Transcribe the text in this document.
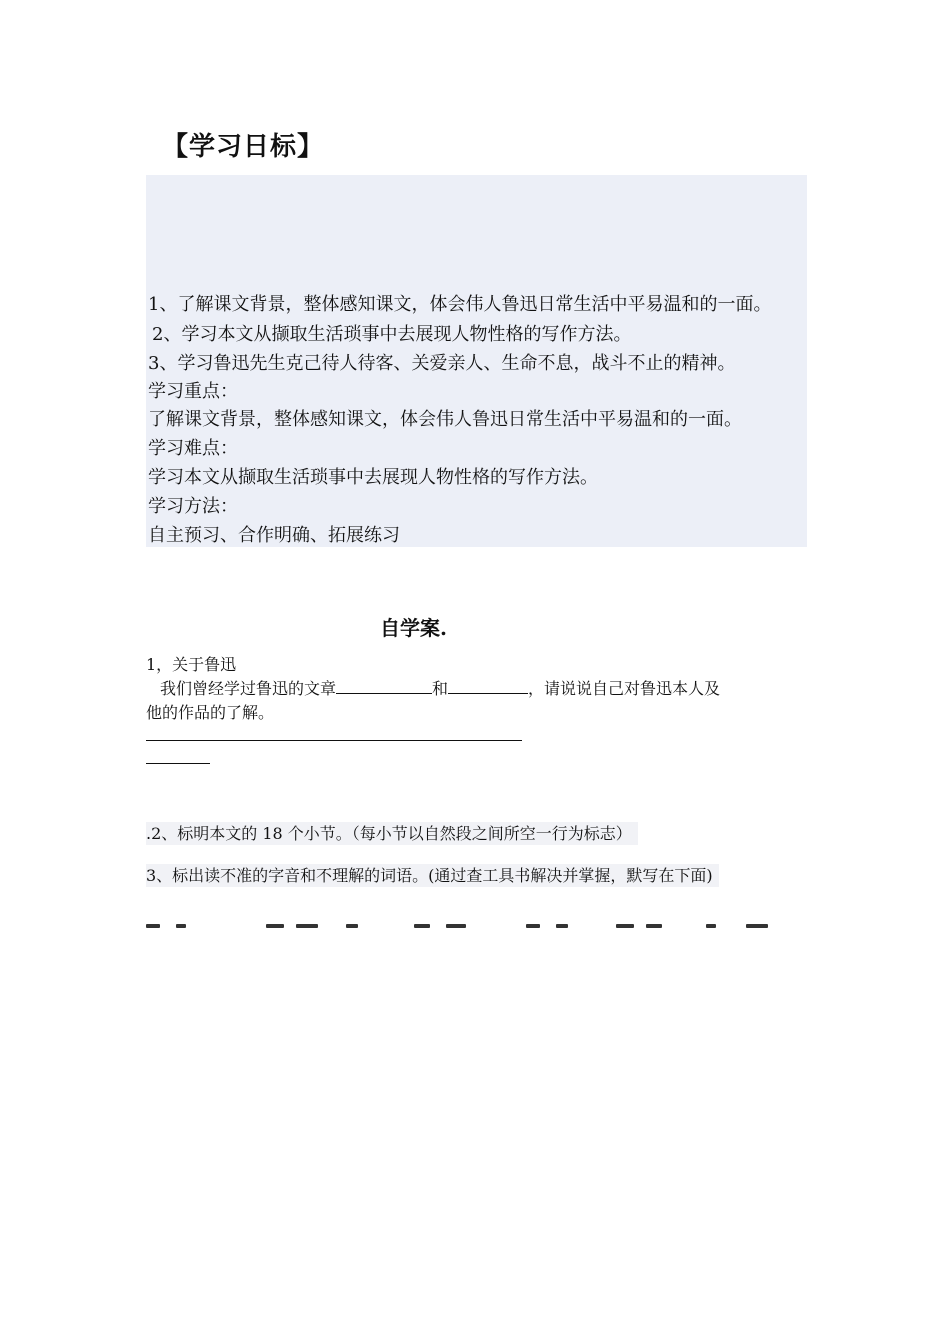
【学习日标】
1、了解课文背景，整体感知课文，体会伟人鲁迅日常生活中平易温和的一面。
2、学习本文从撷取生活琐事中去展现人物性格的写作方法。
3、学习鲁迅先生克己待人待客、关爱亲人、生命不息，战斗不止的精神。
学习重点：
了解课文背景，整体感知课文，体会伟人鲁迅日常生活中平易温和的一面。
学习难点：
学习本文从撷取生活琐事中去展现人物性格的写作方法。
学习方法：
自主预习、合作明确、拓展练习
自学案.
1，关于鲁迅
我们曾经学过鲁迅的文章	和	，请说说自己对鲁迅本人及
他的作品的了解。
.2、标明本文的 18 个小节。（每小节以自然段之间所空一行为标志）
3、标出读不准的字音和不理解的词语。(通过查工具书解决并掌握，默写在下面)
